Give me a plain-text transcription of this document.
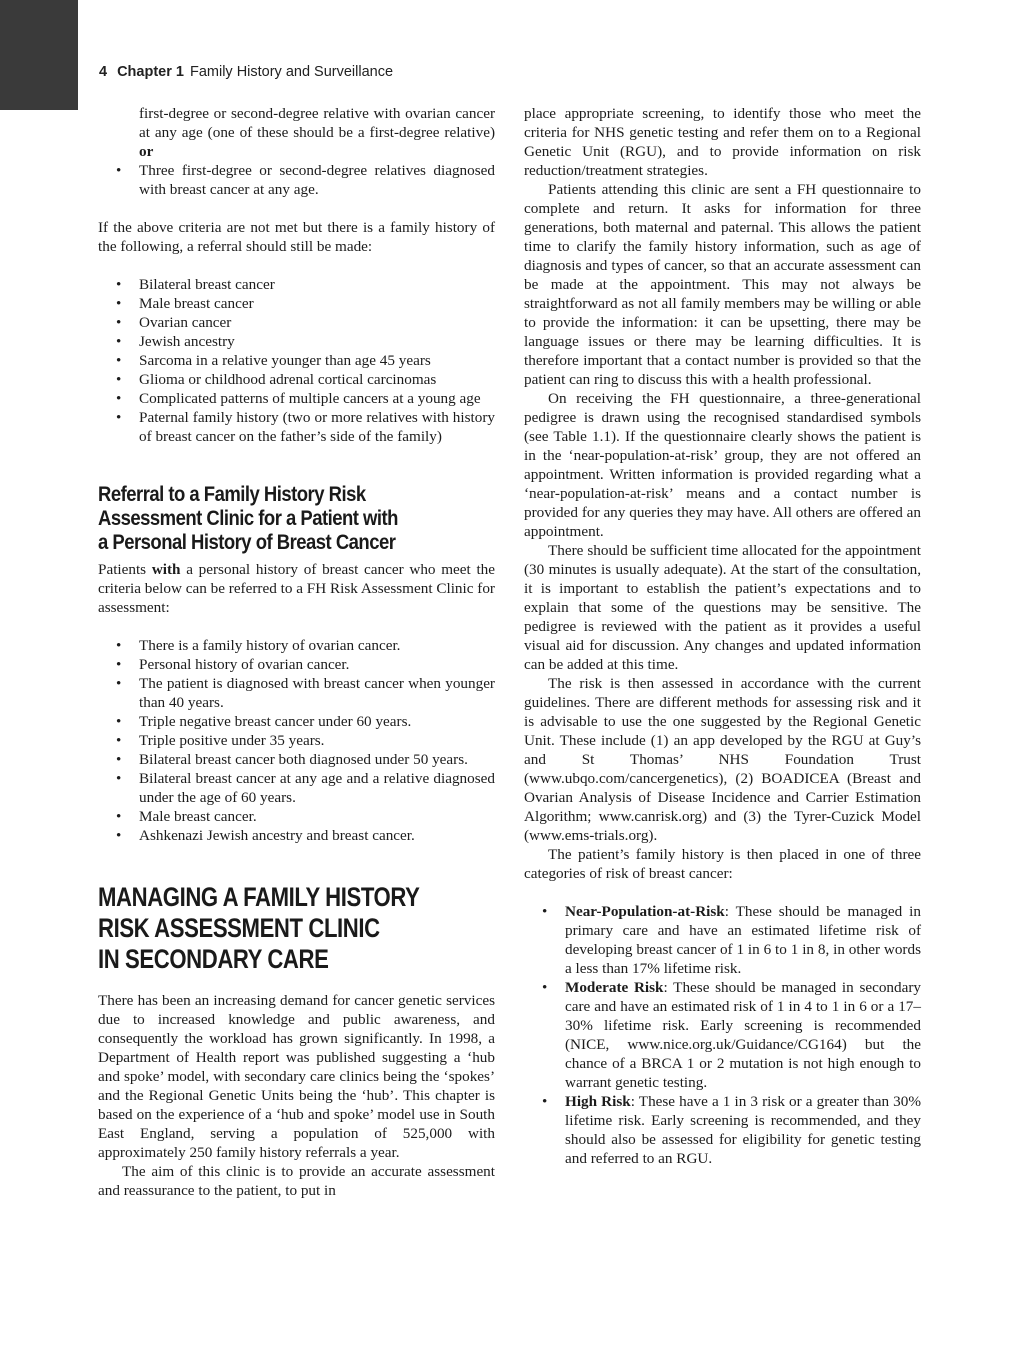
4 Chapter 1 Family History and Surveillance
first-degree or second-degree relative with ovarian cancer at any age (one of these should be a first-degree relative) or
• Three first-degree or second-degree relatives diagnosed with breast cancer at any age.

If the above criteria are not met but there is a family history of the following, a referral should still be made:

• Bilateral breast cancer
• Male breast cancer
• Ovarian cancer
• Jewish ancestry
• Sarcoma in a relative younger than age 45 years
• Glioma or childhood adrenal cortical carcinomas
• Complicated patterns of multiple cancers at a young age
• Paternal family history (two or more relatives with history of breast cancer on the father’s side of the family)
Referral to a Family History Risk
Assessment Clinic for a Patient with
a Personal History of Breast Cancer

Patients with a personal history of breast cancer who meet the criteria below can be referred to a FH Risk Assessment Clinic for assessment:

• There is a family history of ovarian cancer.
• Personal history of ovarian cancer.
• The patient is diagnosed with breast cancer when younger than 40 years.
• Triple negative breast cancer under 60 years.
• Triple positive under 35 years.
• Bilateral breast cancer both diagnosed under 50 years.
• Bilateral breast cancer at any age and a relative diagnosed under the age of 60 years.
• Male breast cancer.
• Ashkenazi Jewish ancestry and breast cancer.
MANAGING A FAMILY HISTORY
RISK ASSESSMENT CLINIC
IN SECONDARY CARE

There has been an increasing demand for cancer genetic services due to increased knowledge and public awareness, and consequently the workload has grown significantly. In 1998, a Department of Health report was published suggesting a ‘hub and spoke’ model, with secondary care clinics being the ‘spokes’ and the Regional Genetic Units being the ‘hub’. This chapter is based on the experience of a ‘hub and spoke’ model use in South East England, serving a population of 525,000 with approximately 250 family history referrals a year.

The aim of this clinic is to provide an accurate assessment and reassurance to the patient, to put in

place appropriate screening, to identify those who meet the criteria for NHS genetic testing and refer them on to a Regional Genetic Unit (RGU), and to provide information on risk reduction/treatment strategies.

Patients attending this clinic are sent a FH questionnaire to complete and return. It asks for information for three generations, both maternal and paternal. This allows the patient time to clarify the family history information, such as age of diagnosis and types of cancer, so that an accurate assessment can be made at the appointment. This may not always be straightforward as not all family members may be willing or able to provide the information: it can be upsetting, there may be language issues or there may be learning difficulties. It is therefore important that a contact number is provided so that the patient can ring to discuss this with a health professional.

On receiving the FH questionnaire, a three-generational pedigree is drawn using the recognised standardised symbols (see Table 1.1). If the questionnaire clearly shows the patient is in the ‘near-population-at-risk’ group, they are not offered an appointment. Written information is provided regarding what a ‘near-population-at-risk’ means and a contact number is provided for any queries they may have. All others are offered an appointment.

There should be sufficient time allocated for the appointment (30 minutes is usually adequate). At the start of the consultation, it is important to establish the patient’s expectations and to explain that some of the questions may be sensitive. The pedigree is reviewed with the patient as it provides a useful visual aid for discussion. Any changes and updated information can be added at this time.

The risk is then assessed in accordance with the current guidelines. There are different methods for assessing risk and it is advisable to use the one suggested by the Regional Genetic Unit. These include (1) an app developed by the RGU at Guy’s and St Thomas’ NHS Foundation Trust (www.ubqo.com/cancergenetics), (2) BOADICEA (Breast and Ovarian Analysis of Disease Incidence and Carrier Estimation Algorithm; www.canrisk.org) and (3) the Tyrer-Cuzick Model (www.ems-trials.org).

The patient’s family history is then placed in one of three categories of risk of breast cancer:

• Near-Population-at-Risk: These should be managed in primary care and have an estimated lifetime risk of developing breast cancer of 1 in 6 to 1 in 8, in other words a less than 17% lifetime risk.
• Moderate Risk: These should be managed in secondary care and have an estimated risk of 1 in 4 to 1 in 6 or a 17–30% lifetime risk. Early screening is recommended (NICE, www.nice.org.uk/Guidance/CG164) but the chance of a BRCA 1 or 2 mutation is not high enough to warrant genetic testing.
• High Risk: These have a 1 in 3 risk or a greater than 30% lifetime risk. Early screening is recommended, and they should also be assessed for eligibility for genetic testing and referred to an RGU.
